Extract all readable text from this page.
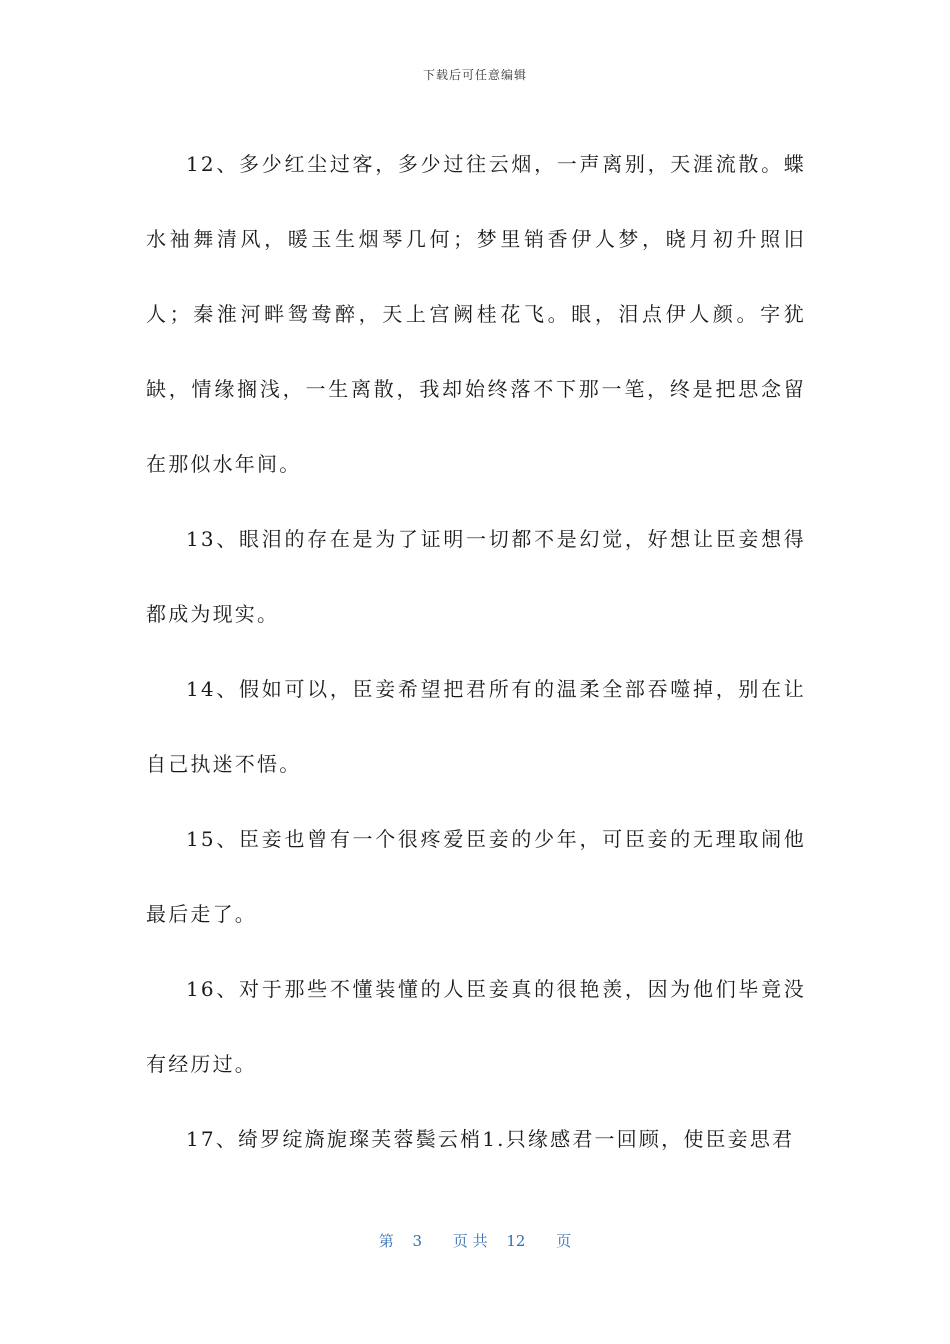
下载后可任意编辑

12、多少红尘过客，多少过往云烟，一声离别，天涯流散。蝶水袖舞清风，暖玉生烟琴几何；梦里销香伊人梦，晓月初升照旧人；秦淮河畔鸳鸯醉，天上宫阙桂花飞。眼，泪点伊人颜。字犹缺，情缘搁浅，一生离散，我却始终落不下那一笔，终是把思念留在那似水年间。

13、眼泪的存在是为了证明一切都不是幻觉，好想让臣妾想得都成为现实。

14、假如可以，臣妾希望把君所有的温柔全部吞噬掉，别在让自己执迷不悟。

15、臣妾也曾有一个很疼爱臣妾的少年，可臣妾的无理取闹他最后走了。

16、对于那些不懂装懂的人臣妾真的很艳羡，因为他们毕竟没有经历过。

17、绮罗绽旖旎璨芙蓉鬓云梢1.只缘感君一回顾，使臣妾思君

第 3 页 共 12 页
